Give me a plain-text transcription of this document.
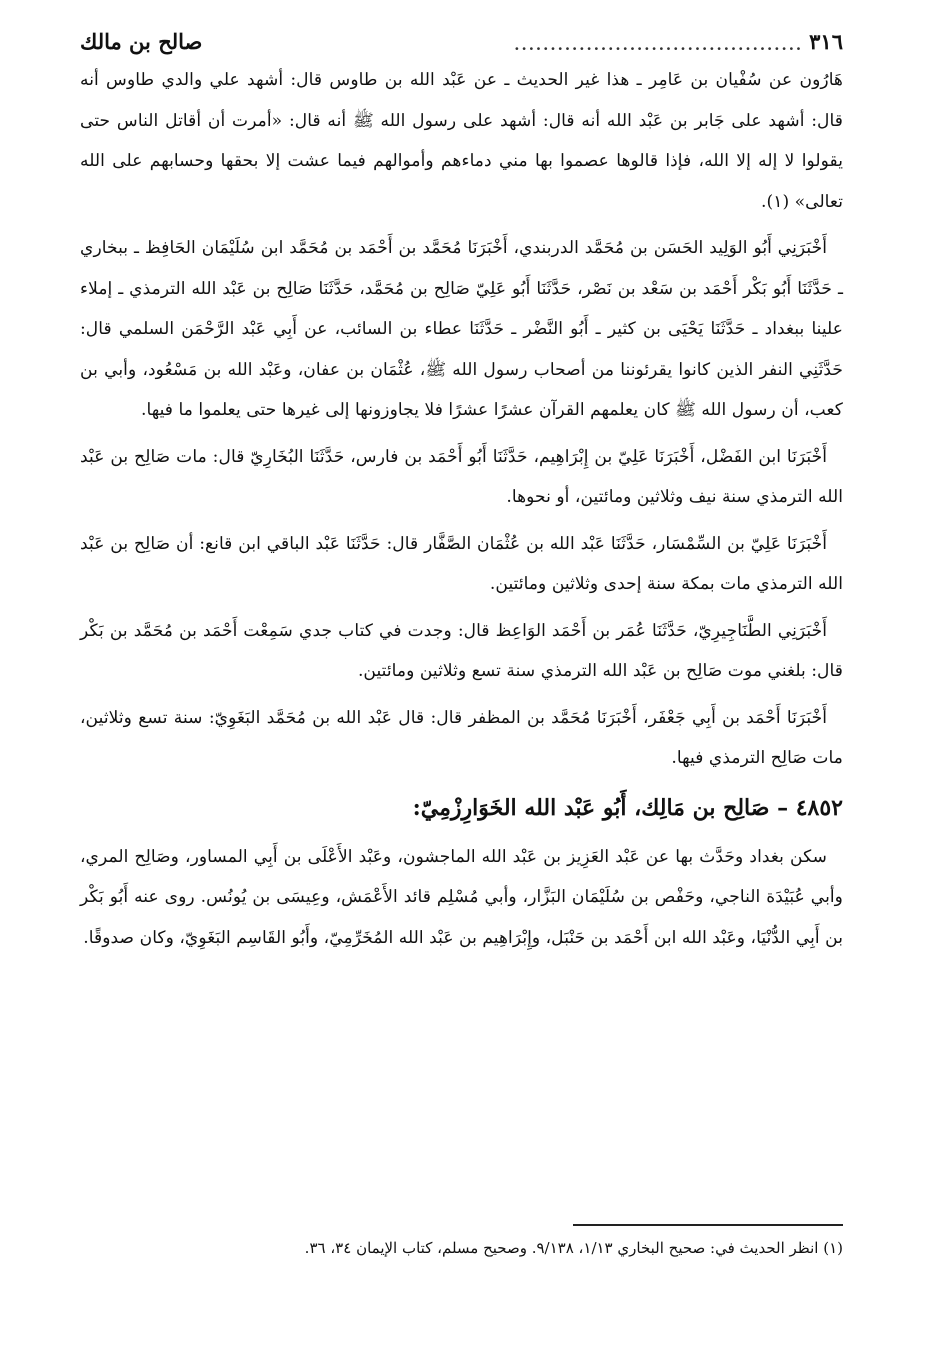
٣١٦
........................................
صالح بن مالك

هَارُون عن سُفْيان بن عَامِر ـ هذا غير الحديث ـ عن عَبْد الله بن طاوس قال: أشهد علي والدي طاوس أنه قال: أشهد على جَابر بن عَبْد الله أنه قال: أشهد على رسول الله ﷺ أنه قال: «أمرت أن أقاتل الناس حتى يقولوا لا إله إلا الله، فإذا قالوها عصموا بها مني دماءهم وأموالهم فيما عشت إلا بحقها وحسابهم على الله تعالى» (١).

أَخْبَرَنِي أَبُو الوَلِيد الحَسَن بن مُحَمَّد الدربندي، أَخْبَرَنَا مُحَمَّد بن أَحْمَد بن مُحَمَّد ابن سُلَيْمَان الحَافِظ ـ ببخاري ـ حَدَّثَنَا أَبُو بَكْر أَحْمَد بن سَعْد بن نَصْر، حَدَّثَنَا أَبُو عَلِيّ صَالِح بن مُحَمَّد، حَدَّثَنَا صَالِح بن عَبْد الله الترمذي ـ إملاء علينا ببغداد ـ حَدَّثَنَا يَحْيَى بن كثير ـ أَبُو النَّضْر ـ حَدَّثَنَا عطاء بن السائب، عن أَبِي عَبْد الرَّحْمَن السلمي قال: حَدَّثَنِي النفر الذين كانوا يقرئوننا من أصحاب رسول الله ﷺ، عُثْمَان بن عفان، وعَبْد الله بن مَسْعُود، وأبي بن كعب، أن رسول الله ﷺ كان يعلمهم القرآن عشرًا عشرًا فلا يجاوزونها إلى غيرها حتى يعلموا ما فيها.

أَخْبَرَنَا ابن الفَضْل، أَخْبَرَنَا عَلِيّ بن إِبْرَاهِيم، حَدَّثَنَا أَبُو أَحْمَد بن فارس، حَدَّثَنَا البُخَارِيّ قال: مات صَالِح بن عَبْد الله الترمذي سنة نيف وثلاثين ومائتين، أو نحوها.

أَخْبَرَنَا عَلِيّ بن السِّمْسَار، حَدَّثَنَا عَبْد الله بن عُثْمَان الصَّفَّار قال: حَدَّثَنَا عَبْد الباقي ابن قانع: أن صَالِح بن عَبْد الله الترمذي مات بمكة سنة إحدى وثلاثين ومائتين.

أَخْبَرَنِي الطَّنَاجِيرِيّ، حَدَّثَنَا عُمَر بن أَحْمَد الوَاعِظ قال: وجدت في كتاب جدي سَمِعْت أَحْمَد بن مُحَمَّد بن بَكْر قال: بلغني موت صَالِح بن عَبْد الله الترمذي سنة تسع وثلاثين ومائتين.

أَخْبَرَنَا أَحْمَد بن أَبِي جَعْفَر، أَخْبَرَنَا مُحَمَّد بن المظفر قال: قال عَبْد الله بن مُحَمَّد البَغَوِيّ: سنة تسع وثلاثين، مات صَالِح الترمذي فيها.

٤٨٥٢ – صَالِح بن مَالِك، أَبُو عَبْد الله الخَوَارِزْمِيّ:

سكن بغداد وحَدَّث بها عن عَبْد العَزِيز بن عَبْد الله الماجشون، وعَبْد الأَعْلَى بن أَبِي المساور، وصَالِح المري، وأبي عُبَيْدَة الناجي، وحَفْص بن سُلَيْمَان البَزَّار، وأبي مُسْلِم قائد الأَعْمَش، وعِيسَى بن يُونُس. روى عنه أَبُو بَكْر بن أَبِي الدُّنْيَا، وعَبْد الله ابن أَحْمَد بن حَنْبَل، وإِبْرَاهِيم بن عَبْد الله المُخَرِّمِيّ، وأَبُو القَاسِم البَغَوِيّ، وكان صدوقًا.

(١) انظر الحديث في: صحيح البخاري ١/١٣، ٩/١٣٨. وصحيح مسلم، كتاب الإيمان ٣٤، ٣٦.
